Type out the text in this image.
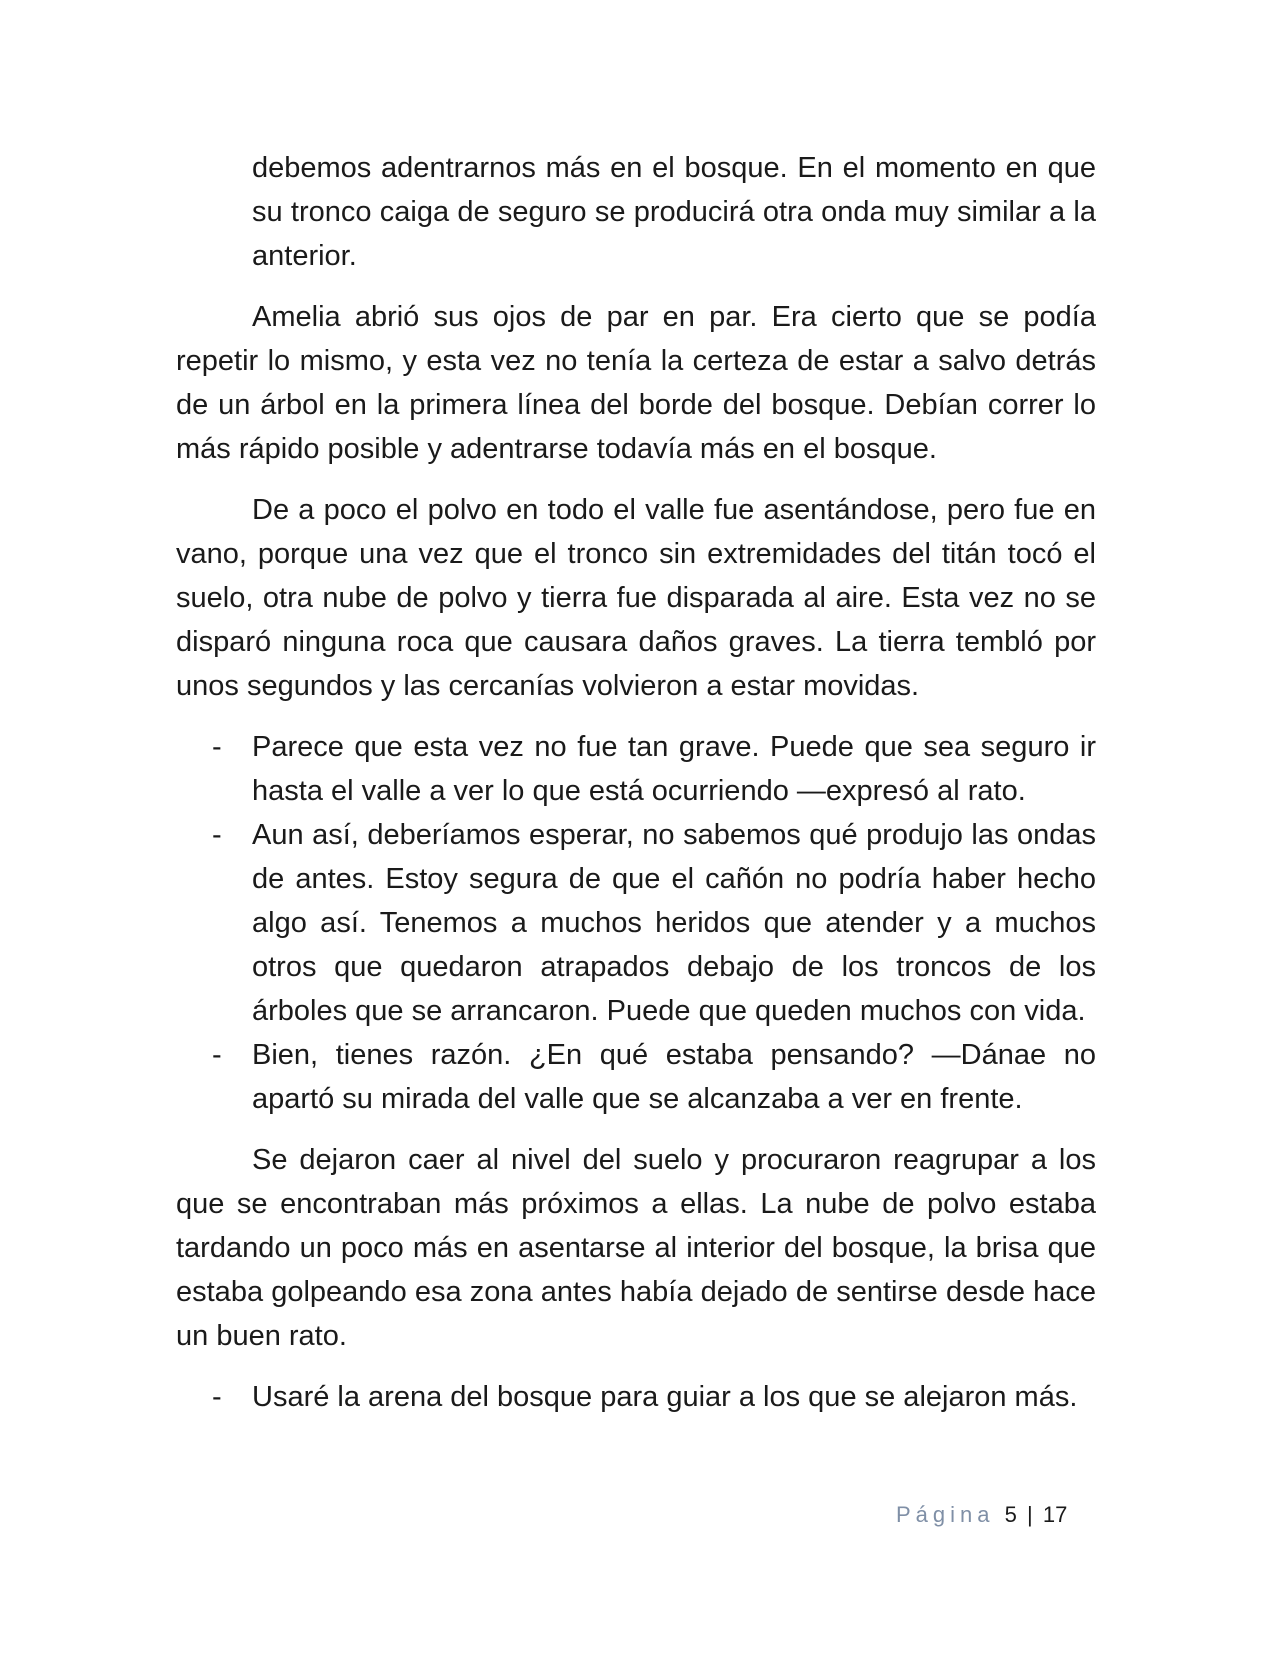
debemos adentrarnos más en el bosque. En el momento en que su tronco caiga de seguro se producirá otra onda muy similar a la anterior.

Amelia abrió sus ojos de par en par. Era cierto que se podía repetir lo mismo, y esta vez no tenía la certeza de estar a salvo detrás de un árbol en la primera línea del borde del bosque. Debían correr lo más rápido posible y adentrarse todavía más en el bosque.

De a poco el polvo en todo el valle fue asentándose, pero fue en vano, porque una vez que el tronco sin extremidades del titán tocó el suelo, otra nube de polvo y tierra fue disparada al aire. Esta vez no se disparó ninguna roca que causara daños graves. La tierra tembló por unos segundos y las cercanías volvieron a estar movidas.

- Parece que esta vez no fue tan grave. Puede que sea seguro ir hasta el valle a ver lo que está ocurriendo —expresó al rato.

- Aun así, deberíamos esperar, no sabemos qué produjo las ondas de antes. Estoy segura de que el cañón no podría haber hecho algo así. Tenemos a muchos heridos que atender y a muchos otros que quedaron atrapados debajo de los troncos de los árboles que se arrancaron. Puede que queden muchos con vida.

- Bien, tienes razón. ¿En qué estaba pensando? —Dánae no apartó su mirada del valle que se alcanzaba a ver en frente.

Se dejaron caer al nivel del suelo y procuraron reagrupar a los que se encontraban más próximos a ellas. La nube de polvo estaba tardando un poco más en asentarse al interior del bosque, la brisa que estaba golpeando esa zona antes había dejado de sentirse desde hace un buen rato.

- Usaré la arena del bosque para guiar a los que se alejaron más.

Página 5 | 17
